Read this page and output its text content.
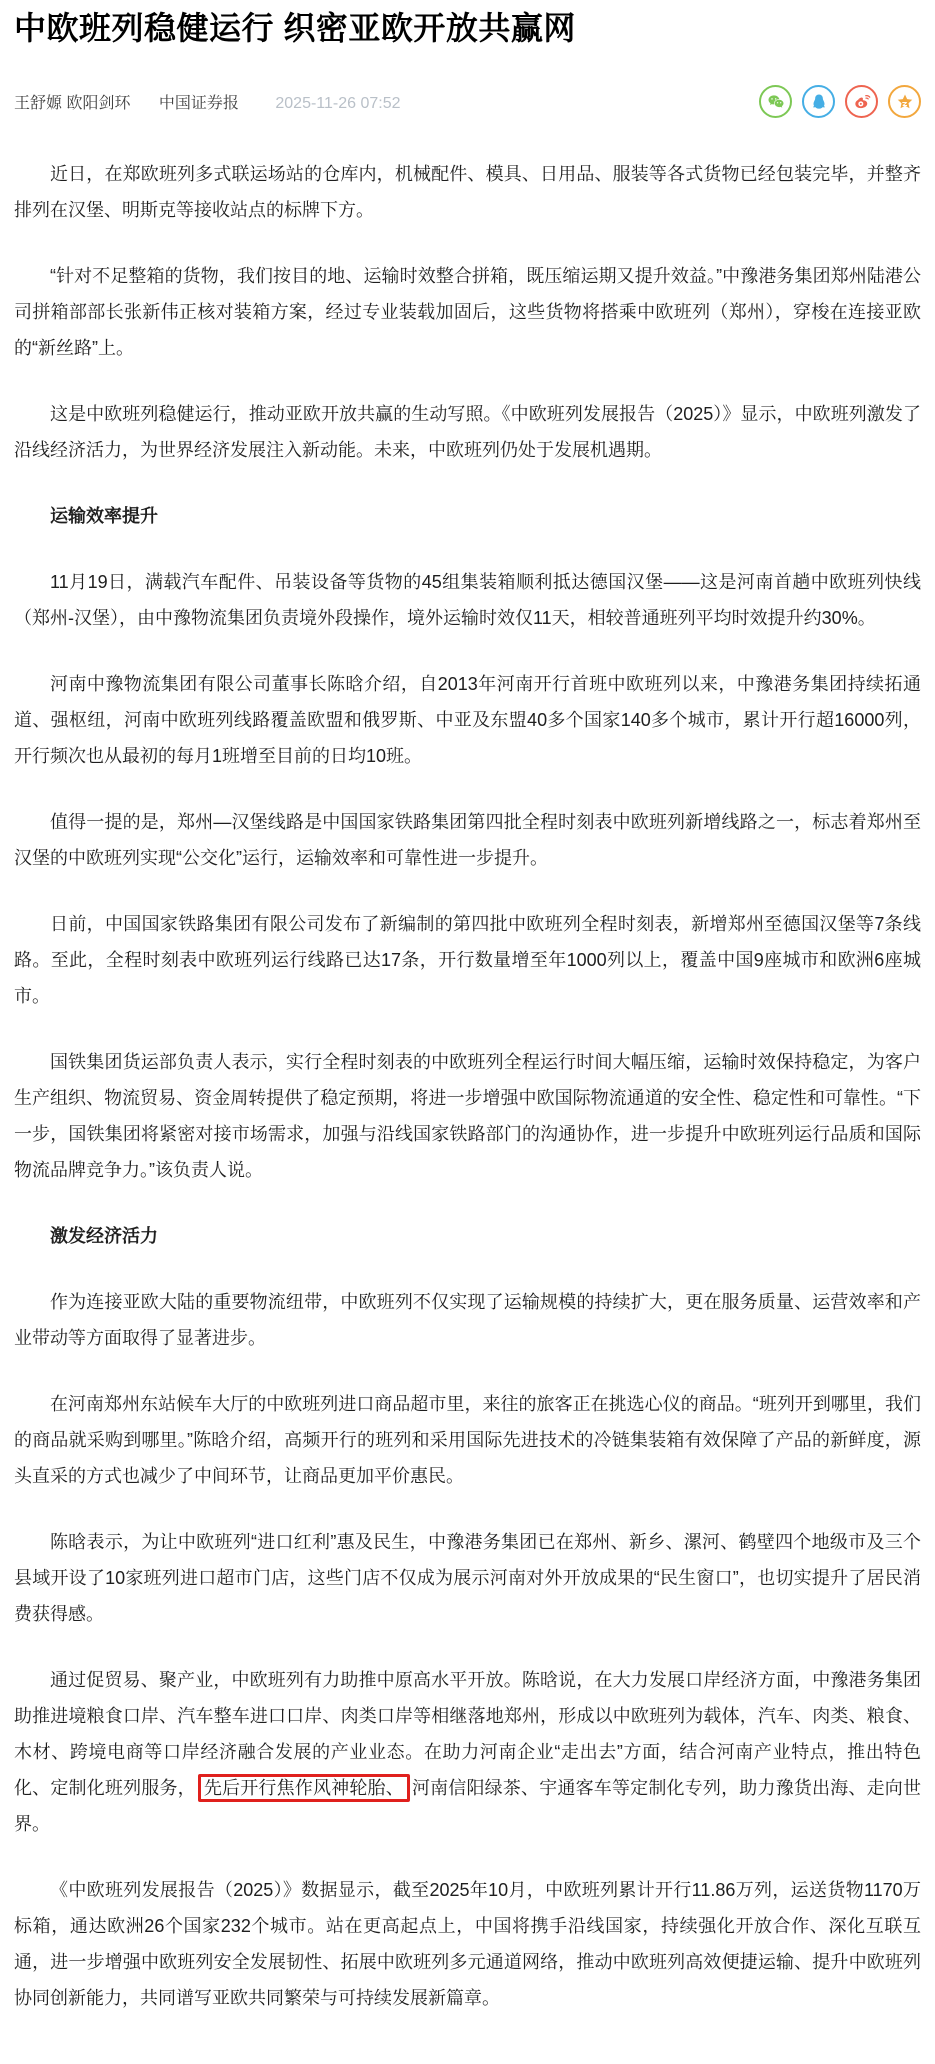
中欧班列稳健运行 织密亚欧开放共赢网
王舒嫄 欧阳剑环 中国证券报 2025-11-26 07:52

近日，在郑欧班列多式联运场站的仓库内，机械配件、模具、日用品、服装等各式货物已经包装完毕，并整齐排列在汉堡、明斯克等接收站点的标牌下方。

“针对不足整箱的货物，我们按目的地、运输时效整合拼箱，既压缩运期又提升效益。”中豫港务集团郑州陆港公司拼箱部部长张新伟正核对装箱方案，经过专业装载加固后，这些货物将搭乘中欧班列（郑州），穿梭在连接亚欧的“新丝路”上。

这是中欧班列稳健运行，推动亚欧开放共赢的生动写照。《中欧班列发展报告（2025）》显示，中欧班列激发了沿线经济活力，为世界经济发展注入新动能。未来，中欧班列仍处于发展机遇期。

运输效率提升

11月19日，满载汽车配件、吊装设备等货物的45组集装箱顺利抵达德国汉堡——这是河南首趟中欧班列快线（郑州-汉堡），由中豫物流集团负责境外段操作，境外运输时效仅11天，相较普通班列平均时效提升约30%。

河南中豫物流集团有限公司董事长陈晗介绍，自2013年河南开行首班中欧班列以来，中豫港务集团持续拓通道、强枢纽，河南中欧班列线路覆盖欧盟和俄罗斯、中亚及东盟40多个国家140多个城市，累计开行超16000列，开行频次也从最初的每月1班增至目前的日均10班。

值得一提的是，郑州—汉堡线路是中国国家铁路集团第四批全程时刻表中欧班列新增线路之一，标志着郑州至汉堡的中欧班列实现“公交化”运行，运输效率和可靠性进一步提升。

日前，中国国家铁路集团有限公司发布了新编制的第四批中欧班列全程时刻表，新增郑州至德国汉堡等7条线路。至此，全程时刻表中欧班列运行线路已达17条，开行数量增至年1000列以上，覆盖中国9座城市和欧洲6座城市。

国铁集团货运部负责人表示，实行全程时刻表的中欧班列全程运行时间大幅压缩，运输时效保持稳定，为客户生产组织、物流贸易、资金周转提供了稳定预期，将进一步增强中欧国际物流通道的安全性、稳定性和可靠性。“下一步，国铁集团将紧密对接市场需求，加强与沿线国家铁路部门的沟通协作，进一步提升中欧班列运行品质和国际物流品牌竞争力。”该负责人说。

激发经济活力

作为连接亚欧大陆的重要物流纽带，中欧班列不仅实现了运输规模的持续扩大，更在服务质量、运营效率和产业带动等方面取得了显著进步。

在河南郑州东站候车大厅的中欧班列进口商品超市里，来往的旅客正在挑选心仪的商品。“班列开到哪里，我们的商品就采购到哪里。”陈晗介绍，高频开行的班列和采用国际先进技术的冷链集装箱有效保障了产品的新鲜度，源头直采的方式也减少了中间环节，让商品更加平价惠民。

陈晗表示，为让中欧班列“进口红利”惠及民生，中豫港务集团已在郑州、新乡、漯河、鹤壁四个地级市及三个县域开设了10家班列进口超市门店，这些门店不仅成为展示河南对外开放成果的“民生窗口”，也切实提升了居民消费获得感。

通过促贸易、聚产业，中欧班列有力助推中原高水平开放。陈晗说，在大力发展口岸经济方面，中豫港务集团助推进境粮食口岸、汽车整车进口口岸、肉类口岸等相继落地郑州，形成以中欧班列为载体，汽车、肉类、粮食、木材、跨境电商等口岸经济融合发展的产业业态。在助力河南企业“走出去”方面，结合河南产业特点，推出特色化、定制化班列服务， 先后开行焦作风神轮胎、 河南信阳绿茶、宇通客车等定制化专列，助力豫货出海、走向世界。

《中欧班列发展报告（2025）》数据显示，截至2025年10月，中欧班列累计开行11.86万列，运送货物1170万标箱，通达欧洲26个国家232个城市。站在更高起点上，中国将携手沿线国家，持续强化开放合作、深化互联互通，进一步增强中欧班列安全发展韧性、拓展中欧班列多元通道网络，推动中欧班列高效便捷运输、提升中欧班列协同创新能力，共同谱写亚欧共同繁荣与可持续发展新篇章。
